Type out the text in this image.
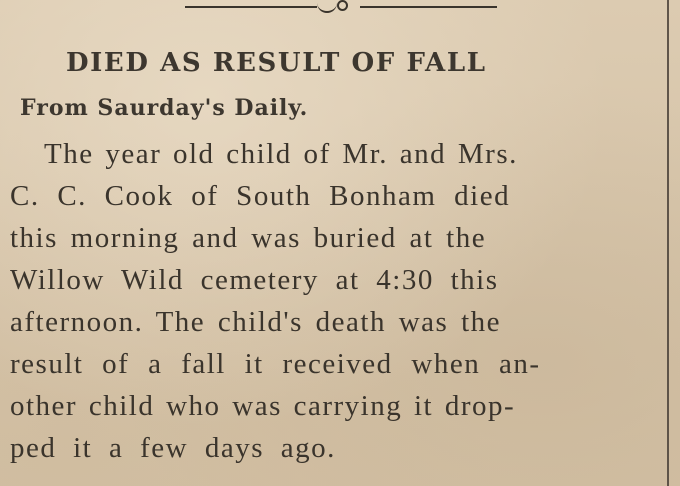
DIED AS RESULT OF FALL
From Saurday's Daily.
The year old child of Mr. and Mrs.
C. C. Cook of South Bonham died
this morning and was buried at the
Willow Wild cemetery at 4:30 this
afternoon. The child's death was the
result of a fall it received when an-
other child who was carrying it drop-
ped it a few days ago.
